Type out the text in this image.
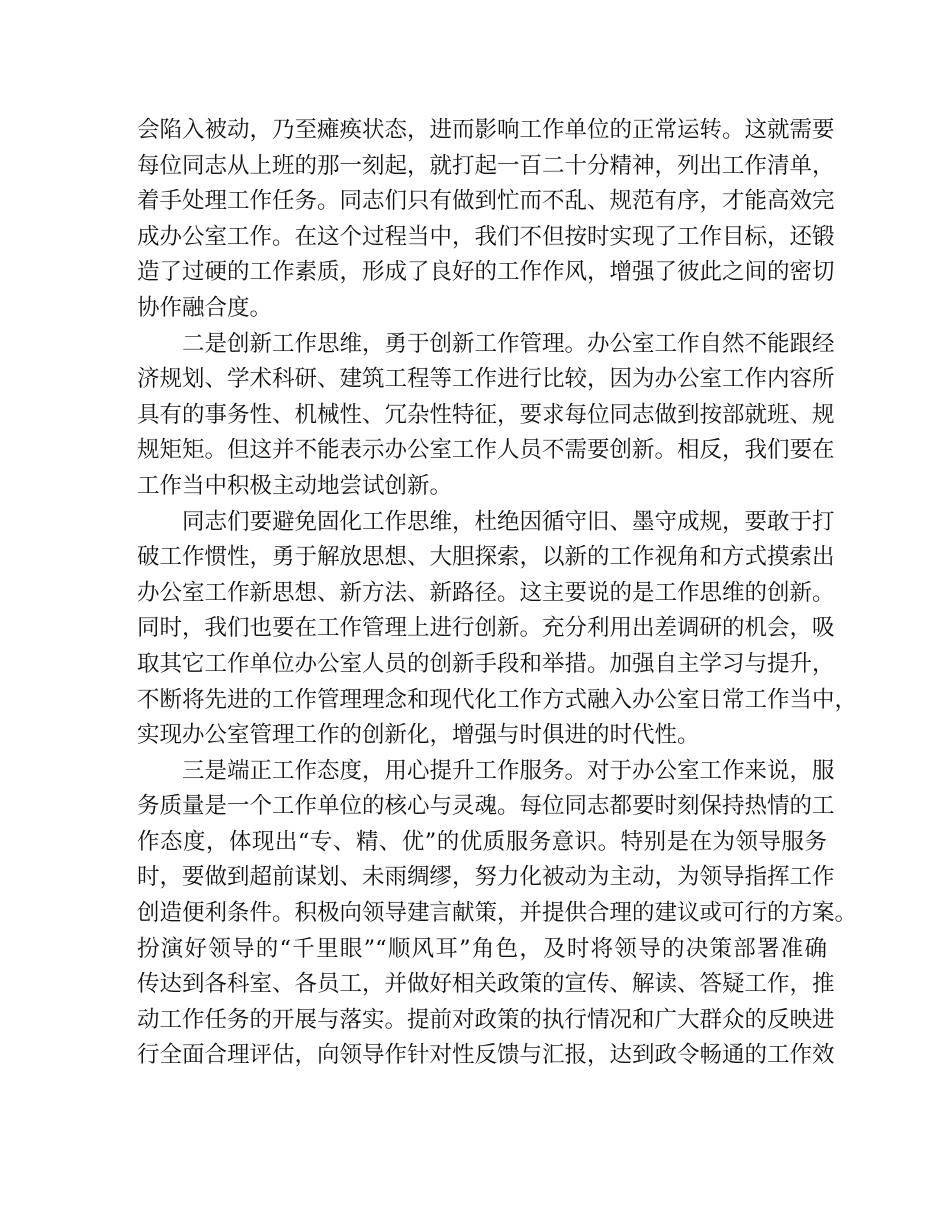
会陷入被动，乃至瘫痪状态，进而影响工作单位的正常运转。这就需要
每位同志从上班的那一刻起，就打起一百二十分精神，列出工作清单，
着手处理工作任务。同志们只有做到忙而不乱、规范有序，才能高效完
成办公室工作。在这个过程当中，我们不但按时实现了工作目标，还锻
造了过硬的工作素质，形成了良好的工作作风，增强了彼此之间的密切
协作融合度。
二是创新工作思维，勇于创新工作管理。办公室工作自然不能跟经
济规划、学术科研、建筑工程等工作进行比较，因为办公室工作内容所
具有的事务性、机械性、冗杂性特征，要求每位同志做到按部就班、规
规矩矩。但这并不能表示办公室工作人员不需要创新。相反，我们要在
工作当中积极主动地尝试创新。
同志们要避免固化工作思维，杜绝因循守旧、墨守成规，要敢于打
破工作惯性，勇于解放思想、大胆探索，以新的工作视角和方式摸索出
办公室工作新思想、新方法、新路径。这主要说的是工作思维的创新。
同时，我们也要在工作管理上进行创新。充分利用出差调研的机会，吸
取其它工作单位办公室人员的创新手段和举措。加强自主学习与提升，
不断将先进的工作管理理念和现代化工作方式融入办公室日常工作当中，
实现办公室管理工作的创新化，增强与时俱进的时代性。
三是端正工作态度，用心提升工作服务。对于办公室工作来说，服
务质量是一个工作单位的核心与灵魂。每位同志都要时刻保持热情的工
作态度，体现出“专、精、优”的优质服务意识。特别是在为领导服务
时，要做到超前谋划、未雨绸缪，努力化被动为主动，为领导指挥工作
创造便利条件。积极向领导建言献策，并提供合理的建议或可行的方案。
扮演好领导的“千里眼”“顺风耳”角色，及时将领导的决策部署准确
传达到各科室、各员工，并做好相关政策的宣传、解读、答疑工作，推
动工作任务的开展与落实。提前对政策的执行情况和广大群众的反映进
行全面合理评估，向领导作针对性反馈与汇报，达到政令畅通的工作效
